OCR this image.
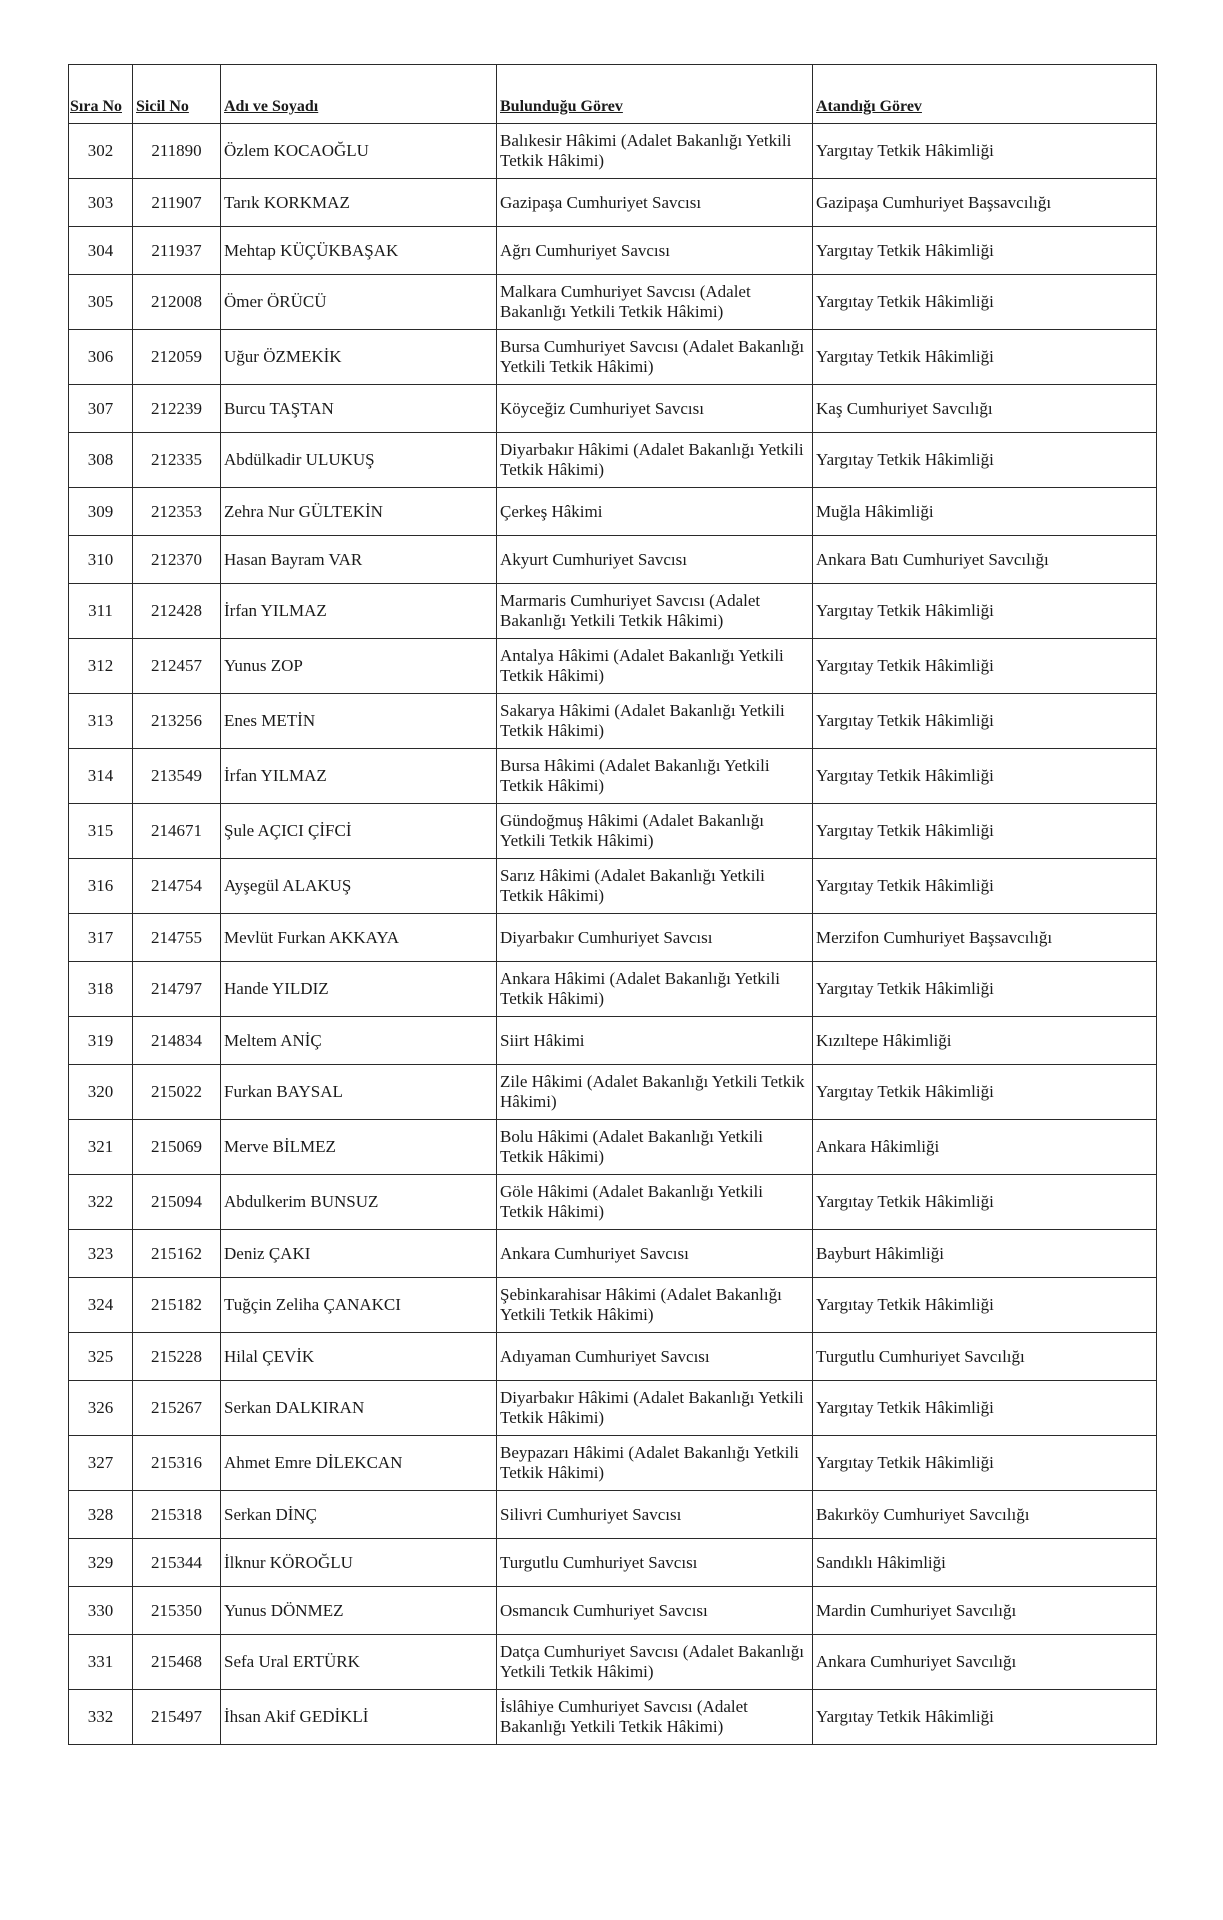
Sıra No	Sicil No	Adı ve Soyadı	Bulunduğu Görev	Atandığı Görev
302	211890	Özlem KOCAOĞLU	Balıkesir Hâkimi (Adalet Bakanlığı Yetkili Tetkik Hâkimi)	Yargıtay Tetkik Hâkimliği
303	211907	Tarık KORKMAZ	Gazipaşa Cumhuriyet Savcısı	Gazipaşa Cumhuriyet Başsavcılığı
304	211937	Mehtap KÜÇÜKBAŞAK	Ağrı Cumhuriyet Savcısı	Yargıtay Tetkik Hâkimliği
305	212008	Ömer ÖRÜCÜ	Malkara Cumhuriyet Savcısı (Adalet Bakanlığı Yetkili Tetkik Hâkimi)	Yargıtay Tetkik Hâkimliği
306	212059	Uğur ÖZMEKİK	Bursa Cumhuriyet Savcısı (Adalet Bakanlığı Yetkili Tetkik Hâkimi)	Yargıtay Tetkik Hâkimliği
307	212239	Burcu TAŞTAN	Köyceğiz Cumhuriyet Savcısı	Kaş Cumhuriyet Savcılığı
308	212335	Abdülkadir ULUKUŞ	Diyarbakır Hâkimi (Adalet Bakanlığı Yetkili Tetkik Hâkimi)	Yargıtay Tetkik Hâkimliği
309	212353	Zehra Nur GÜLTEKİN	Çerkeş Hâkimi	Muğla Hâkimliği
310	212370	Hasan Bayram VAR	Akyurt Cumhuriyet Savcısı	Ankara Batı Cumhuriyet Savcılığı
311	212428	İrfan YILMAZ	Marmaris Cumhuriyet Savcısı (Adalet Bakanlığı Yetkili Tetkik Hâkimi)	Yargıtay Tetkik Hâkimliği
312	212457	Yunus ZOP	Antalya Hâkimi (Adalet Bakanlığı Yetkili Tetkik Hâkimi)	Yargıtay Tetkik Hâkimliği
313	213256	Enes METİN	Sakarya Hâkimi (Adalet Bakanlığı Yetkili Tetkik Hâkimi)	Yargıtay Tetkik Hâkimliği
314	213549	İrfan YILMAZ	Bursa Hâkimi (Adalet Bakanlığı Yetkili Tetkik Hâkimi)	Yargıtay Tetkik Hâkimliği
315	214671	Şule AÇICI ÇİFCİ	Gündoğmuş Hâkimi (Adalet Bakanlığı Yetkili Tetkik Hâkimi)	Yargıtay Tetkik Hâkimliği
316	214754	Ayşegül ALAKUŞ	Sarız Hâkimi (Adalet Bakanlığı Yetkili Tetkik Hâkimi)	Yargıtay Tetkik Hâkimliği
317	214755	Mevlüt Furkan AKKAYA	Diyarbakır Cumhuriyet Savcısı	Merzifon Cumhuriyet Başsavcılığı
318	214797	Hande YILDIZ	Ankara Hâkimi (Adalet Bakanlığı Yetkili Tetkik Hâkimi)	Yargıtay Tetkik Hâkimliği
319	214834	Meltem ANİÇ	Siirt Hâkimi	Kızıltepe Hâkimliği
320	215022	Furkan BAYSAL	Zile Hâkimi (Adalet Bakanlığı Yetkili Tetkik Hâkimi)	Yargıtay Tetkik Hâkimliği
321	215069	Merve BİLMEZ	Bolu Hâkimi (Adalet Bakanlığı Yetkili Tetkik Hâkimi)	Ankara Hâkimliği
322	215094	Abdulkerim BUNSUZ	Göle Hâkimi (Adalet Bakanlığı Yetkili Tetkik Hâkimi)	Yargıtay Tetkik Hâkimliği
323	215162	Deniz ÇAKI	Ankara Cumhuriyet Savcısı	Bayburt Hâkimliği
324	215182	Tuğçin Zeliha ÇANAKCI	Şebinkarahisar Hâkimi (Adalet Bakanlığı Yetkili Tetkik Hâkimi)	Yargıtay Tetkik Hâkimliği
325	215228	Hilal ÇEVİK	Adıyaman Cumhuriyet Savcısı	Turgutlu Cumhuriyet Savcılığı
326	215267	Serkan DALKIRAN	Diyarbakır Hâkimi (Adalet Bakanlığı Yetkili Tetkik Hâkimi)	Yargıtay Tetkik Hâkimliği
327	215316	Ahmet Emre DİLEKCAN	Beypazarı Hâkimi (Adalet Bakanlığı Yetkili Tetkik Hâkimi)	Yargıtay Tetkik Hâkimliği
328	215318	Serkan DİNÇ	Silivri Cumhuriyet Savcısı	Bakırköy Cumhuriyet Savcılığı
329	215344	İlknur KÖROĞLU	Turgutlu Cumhuriyet Savcısı	Sandıklı Hâkimliği
330	215350	Yunus DÖNMEZ	Osmancık Cumhuriyet Savcısı	Mardin Cumhuriyet Savcılığı
331	215468	Sefa Ural ERTÜRK	Datça Cumhuriyet Savcısı (Adalet Bakanlığı Yetkili Tetkik Hâkimi)	Ankara Cumhuriyet Savcılığı
332	215497	İhsan Akif GEDİKLİ	İslâhiye Cumhuriyet Savcısı (Adalet Bakanlığı Yetkili Tetkik Hâkimi)	Yargıtay Tetkik Hâkimliği
